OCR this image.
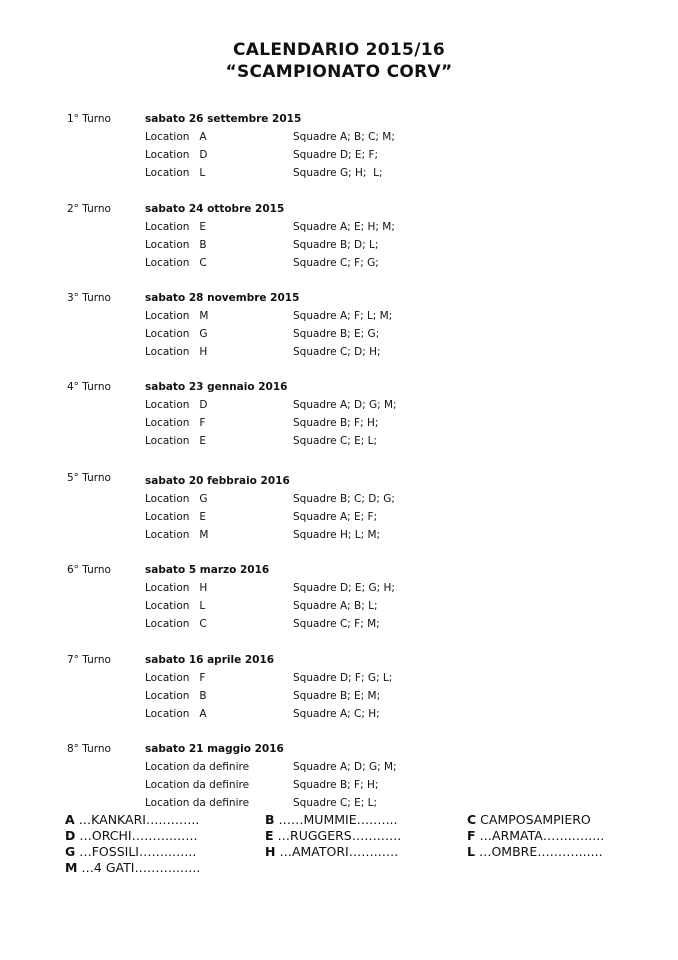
CALENDARIO 2015/16
“SCAMPIONATO CORV”
1° Turno	sabato 26 settembre 2015
Location   A	Squadre A; B; C; M;
Location   D	Squadre D; E; F;
Location   L	Squadre G; H;  L;
2° Turno	sabato 24 ottobre 2015
Location   E	Squadre A; E; H; M;
Location   B	Squadre B; D; L;
Location   C	Squadre C; F; G;
3° Turno	sabato 28 novembre 2015
Location   M	Squadre A; F; L; M;
Location   G	Squadre B; E; G;
Location   H	Squadre C; D; H;
4° Turno	sabato 23 gennaio 2016
Location   D	Squadre A; D; G; M;
Location   F	Squadre B; F; H;
Location   E	Squadre C; E; L;
5° Turno	sabato 20 febbraio 2016
Location   G	Squadre B; C; D; G;
Location   E	Squadre A; E; F;
Location   M	Squadre H; L; M;
6° Turno	sabato 5 marzo 2016
Location   H	Squadre D; E; G; H;
Location   L	Squadre A; B; L;
Location   C	Squadre C; F; M;
7° Turno	sabato 16 aprile 2016
Location   F	Squadre D; F; G; L;
Location   B	Squadre B; E; M;
Location   A	Squadre A; C; H;
8° Turno	sabato 21 maggio 2016
Location da definire	Squadre A; D; G; M;
Location da definire	Squadre B; F; H;
Location da definire	Squadre C; E; L;
A …KANKARI….……...	B ……MUMMIE….…...	C CAMPOSAMPIERO
D …ORCHI………..…..	E …RUGGERS…….…..	F …ARMATA……..…....
G …FOSSILI……..…...	H …AMATORI…….…..	L …OMBRE….……......
M …4 GATI………..…..
